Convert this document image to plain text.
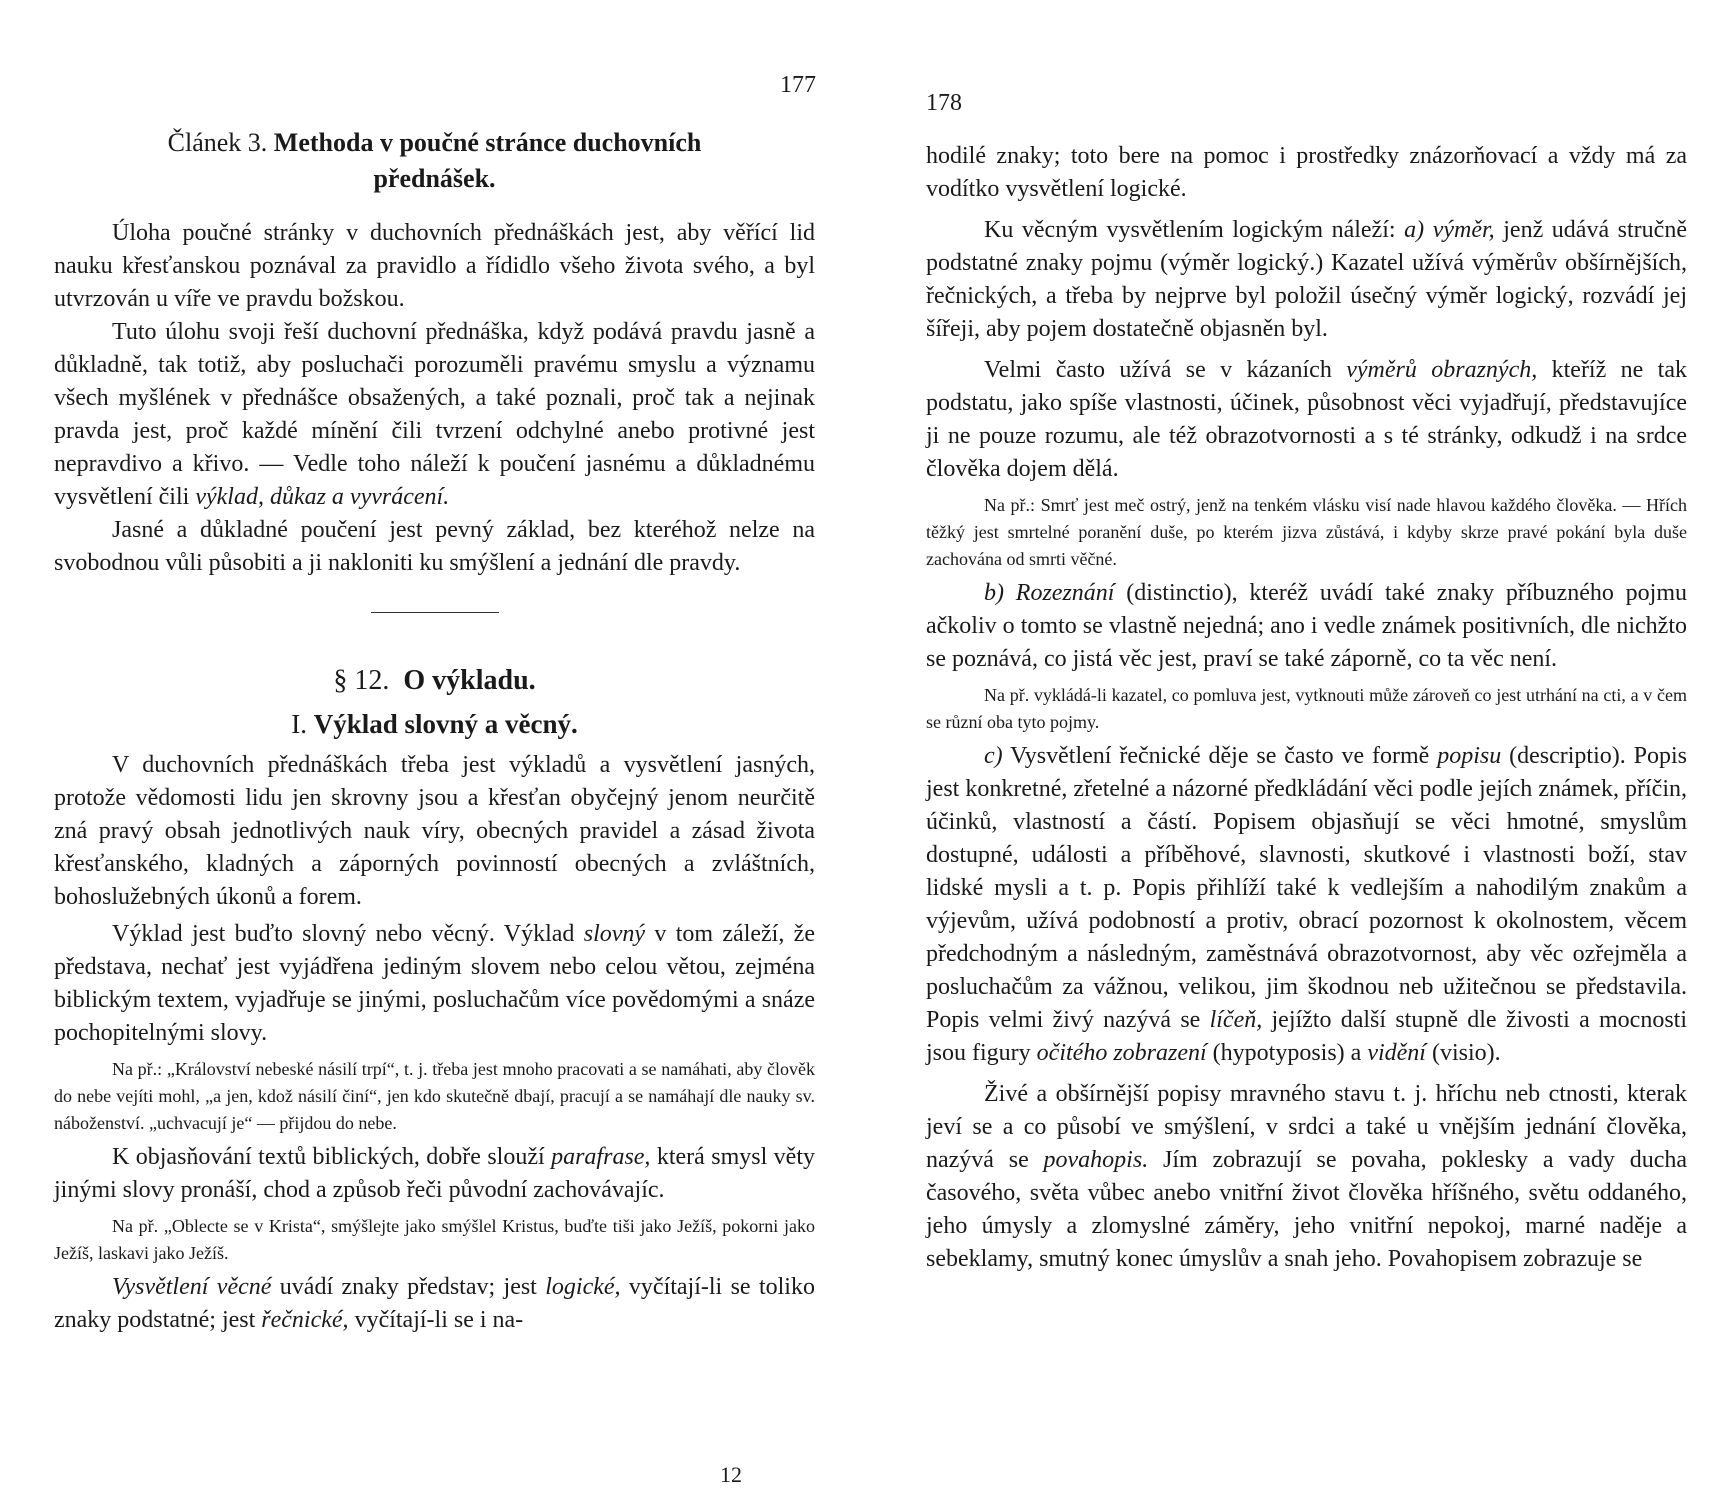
177
Článek 3. Methoda v poučné stránce duchovních
přednášek.

Úloha poučné stránky v duchovních přednáškách jest, aby věřící lid nauku křesťanskou poznával za pravidlo a řídidlo všeho života svého, a byl utvrzován u víře ve pravdu božskou.

Tuto úlohu svoji řeší duchovní přednáška, když podává pravdu jasně a důkladně, tak totiž, aby posluchači porozuměli pravému smyslu a významu všech myšlének v přednášce obsažených, a také poznali, proč tak a nejinak pravda jest, proč každé mínění čili tvrzení odchylné anebo protivné jest nepravdivo a křivo. — Vedle toho náleží k poučení jasnému a důkladnému vysvětlení čili výklad, důkaz a vyvrácení.

Jasné a důkladné poučení jest pevný základ, bez kteréhož nelze na svobodnou vůli působiti a ji nakloniti ku smýšlení a jednání dle pravdy.

§ 12. O výkladu.
I. Výklad slovný a věcný.

V duchovních přednáškách třeba jest výkladů a vysvětlení jasných, protože vědomosti lidu jen skrovny jsou a křesťan obyčejný jenom neurčitě zná pravý obsah jednotlivých nauk víry, obecných pravidel a zásad života křesťanského, kladných a záporných povinností obecných a zvláštních, bohoslužebných úkonů a forem.

Výklad jest buďto slovný nebo věcný. Výklad slovný v tom záleží, že představa, nechať jest vyjádřena jediným slovem nebo celou větou, zejména biblickým textem, vyjadřuje se jinými, posluchačům více povědomými a snáze pochopitelnými slovy.

Na př.: „Království nebeské násilí trpí“, t. j. třeba jest mnoho pracovati a se namáhati, aby člověk do nebe vejíti mohl, „a jen, kdož násilí činí“, jen kdo skutečně dbají, pracují a se namáhají dle nauky sv. náboženství. „uchvacují je“ — přijdou do nebe.

K objasňování textů biblických, dobře slouží parafrase, která smysl věty jinými slovy pronáší, chod a způsob řeči původní zachovávajíc.

Na př. „Oblecte se v Krista“, smýšlejte jako smýšlel Kristus, buďte tiši jako Ježíš, pokorni jako Ježíš, laskavi jako Ježíš.

Vysvětlení věcné uvádí znaky představ; jest logické, vyčítají-li se toliko znaky podstatné; jest řečnické, vyčítají-li se i na-

12
178

hodilé znaky; toto bere na pomoc i prostředky znázorňovací a vždy má za vodítko vysvětlení logické.

Ku věcným vysvětlením logickým náleží: a) výměr, jenž udává stručně podstatné znaky pojmu (výměr logický.) Kazatel užívá výměrův obšírnějších, řečnických, a třeba by nejprve byl položil úsečný výměr logický, rozvádí jej šířeji, aby pojem dostatečně objasněn byl.

Velmi často užívá se v kázaních výměrů obrazných, kteříž ne tak podstatu, jako spíše vlastnosti, účinek, působnost věci vyjadřují, představujíce ji ne pouze rozumu, ale též obrazotvornosti a s té stránky, odkudž i na srdce člověka dojem dělá.

Na př.: Smrť jest meč ostrý, jenž na tenkém vlásku visí nade hlavou každého člověka. — Hřích těžký jest smrtelné poranění duše, po kterém jizva zůstává, i kdyby skrze pravé pokání byla duše zachována od smrti věčné.

b) Rozeznání (distinctio), kteréž uvádí také znaky příbuzného pojmu ačkoliv o tomto se vlastně nejedná; ano i vedle známek positivních, dle nichžto se poznává, co jistá věc jest, praví se také záporně, co ta věc není.

Na př. vykládá-li kazatel, co pomluva jest, vytknouti může zároveň co jest utrhání na cti, a v čem se různí oba tyto pojmy.

c) Vysvětlení řečnické děje se často ve formě popisu (descriptio). Popis jest konkretné, zřetelné a názorné předkládání věci podle jejích známek, příčin, účinků, vlastností a částí. Popisem objasňují se věci hmotné, smyslům dostupné, události a příběhové, slavnosti, skutkové i vlastnosti boží, stav lidské mysli a t. p. Popis přihlíží také k vedlejším a nahodilým znakům a výjevům, užívá podobností a protiv, obrací pozornost k okolnostem, věcem předchodným a následným, zaměstnává obrazotvornost, aby věc ozřejměla a posluchačům za vážnou, velikou, jim škodnou neb užitečnou se představila. Popis velmi živý nazývá se líčeň, jejížto další stupně dle živosti a mocnosti jsou figury očitého zobrazení (hypotyposis) a vidění (visio).

Živé a obšírnější popisy mravného stavu t. j. hříchu neb ctnosti, kterak jeví se a co působí ve smýšlení, v srdci a také u vnějším jednání člověka, nazývá se povahopis. Jím zobrazují se povaha, poklesky a vady ducha časového, světa vůbec anebo vnitřní život člověka hříšného, světu oddaného, jeho úmysly a zlomyslné záměry, jeho vnitřní nepokoj, marné naděje a sebeklamy, smutný konec úmyslův a snah jeho. Povahopisem zobrazuje se
